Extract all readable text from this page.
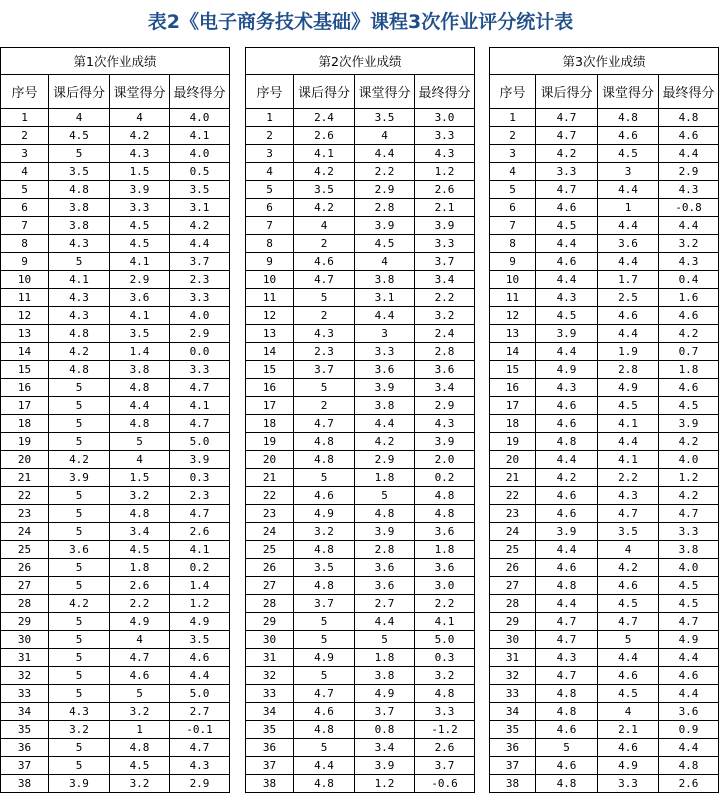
表2《电子商务技术基础》课程3次作业评分统计表
第1次作业成绩			
序号	课后得分	课堂得分	最终得分
1	4	4	4.0
2	4.5	4.2	4.1
3	5	4.3	4.0
4	3.5	1.5	0.5
5	4.8	3.9	3.5
6	3.8	3.3	3.1
7	3.8	4.5	4.2
8	4.3	4.5	4.4
9	5	4.1	3.7
10	4.1	2.9	2.3
11	4.3	3.6	3.3
12	4.3	4.1	4.0
13	4.8	3.5	2.9
14	4.2	1.4	0.0
15	4.8	3.8	3.3
16	5	4.8	4.7
17	5	4.4	4.1
18	5	4.8	4.7
19	5	5	5.0
20	4.2	4	3.9
21	3.9	1.5	0.3
22	5	3.2	2.3
23	5	4.8	4.7
24	5	3.4	2.6
25	3.6	4.5	4.1
26	5	1.8	0.2
27	5	2.6	1.4
28	4.2	2.2	1.2
29	5	4.9	4.9
30	5	4	3.5
31	5	4.7	4.6
32	5	4.6	4.4
33	5	5	5.0
34	4.3	3.2	2.7
35	3.2	1	-0.1
36	5	4.8	4.7
37	5	4.5	4.3
38	3.9	3.2	2.9
第2次作业成绩			
序号	课后得分	课堂得分	最终得分
1	2.4	3.5	3.0
2	2.6	4	3.3
3	4.1	4.4	4.3
4	4.2	2.2	1.2
5	3.5	2.9	2.6
6	4.2	2.8	2.1
7	4	3.9	3.9
8	2	4.5	3.3
9	4.6	4	3.7
10	4.7	3.8	3.4
11	5	3.1	2.2
12	2	4.4	3.2
13	4.3	3	2.4
14	2.3	3.3	2.8
15	3.7	3.6	3.6
16	5	3.9	3.4
17	2	3.8	2.9
18	4.7	4.4	4.3
19	4.8	4.2	3.9
20	4.8	2.9	2.0
21	5	1.8	0.2
22	4.6	5	4.8
23	4.9	4.8	4.8
24	3.2	3.9	3.6
25	4.8	2.8	1.8
26	3.5	3.6	3.6
27	4.8	3.6	3.0
28	3.7	2.7	2.2
29	5	4.4	4.1
30	5	5	5.0
31	4.9	1.8	0.3
32	5	3.8	3.2
33	4.7	4.9	4.8
34	4.6	3.7	3.3
35	4.8	0.8	-1.2
36	5	3.4	2.6
37	4.4	3.9	3.7
38	4.8	1.2	-0.6
第3次作业成绩			
序号	课后得分	课堂得分	最终得分
1	4.7	4.8	4.8
2	4.7	4.6	4.6
3	4.2	4.5	4.4
4	3.3	3	2.9
5	4.7	4.4	4.3
6	4.6	1	-0.8
7	4.5	4.4	4.4
8	4.4	3.6	3.2
9	4.6	4.4	4.3
10	4.4	1.7	0.4
11	4.3	2.5	1.6
12	4.5	4.6	4.6
13	3.9	4.4	4.2
14	4.4	1.9	0.7
15	4.9	2.8	1.8
16	4.3	4.9	4.6
17	4.6	4.5	4.5
18	4.6	4.1	3.9
19	4.8	4.4	4.2
20	4.4	4.1	4.0
21	4.2	2.2	1.2
22	4.6	4.3	4.2
23	4.6	4.7	4.7
24	3.9	3.5	3.3
25	4.4	4	3.8
26	4.6	4.2	4.0
27	4.8	4.6	4.5
28	4.4	4.5	4.5
29	4.7	4.7	4.7
30	4.7	5	4.9
31	4.3	4.4	4.4
32	4.7	4.6	4.6
33	4.8	4.5	4.4
34	4.8	4	3.6
35	4.6	2.1	0.9
36	5	4.6	4.4
37	4.6	4.9	4.8
38	4.8	3.3	2.6
